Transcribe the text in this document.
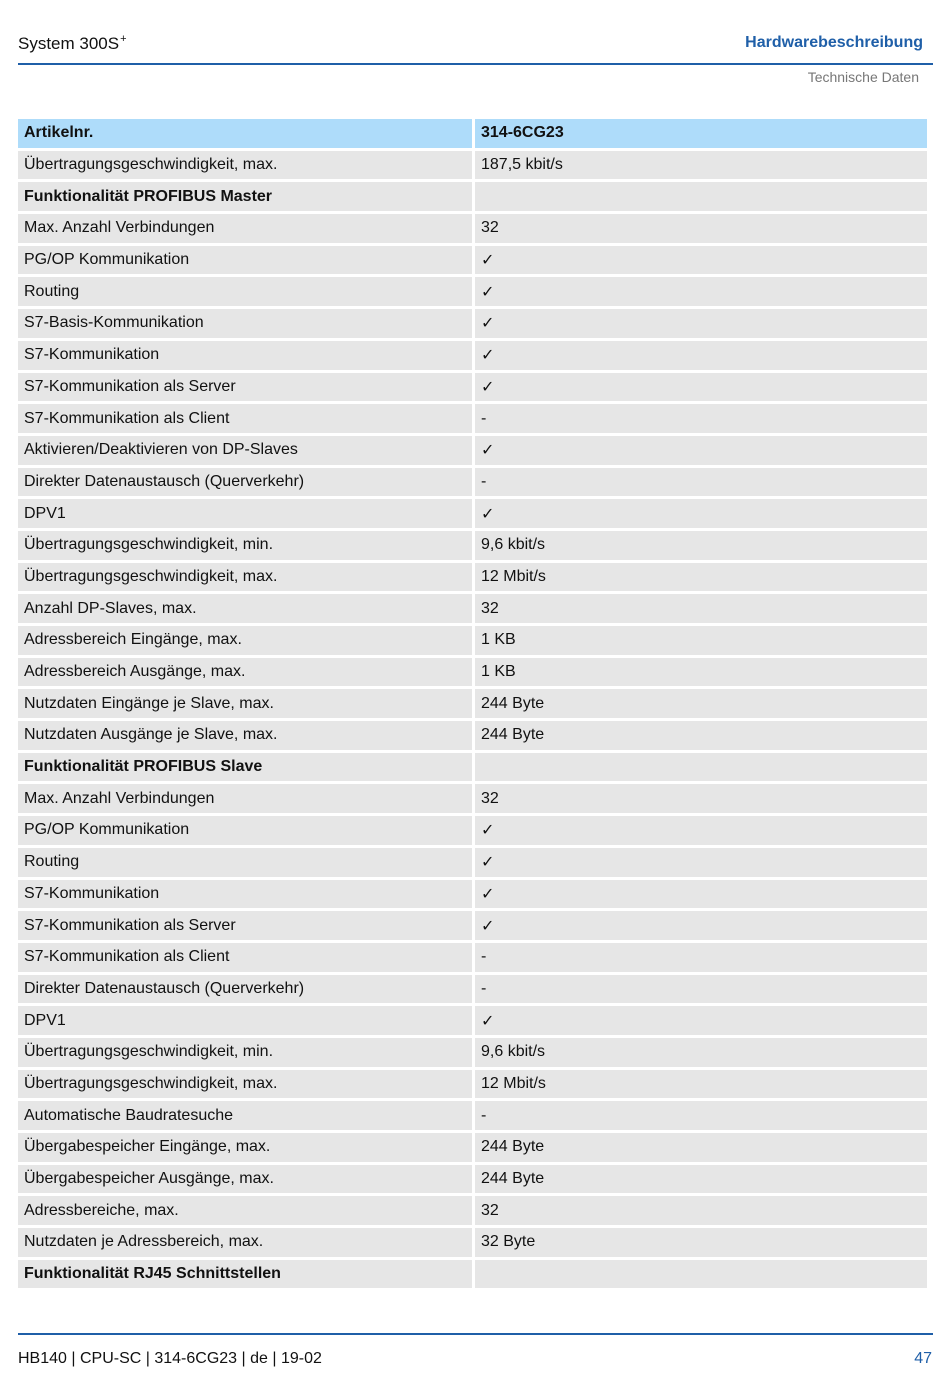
System 300S+	Hardwarebeschreibung
Technische Daten
Artikelnr.	314-6CG23
Übertragungsgeschwindigkeit, max.	187,5 kbit/s
Funktionalität PROFIBUS Master	
Max. Anzahl Verbindungen	32
PG/OP Kommunikation	✓
Routing	✓
S7-Basis-Kommunikation	✓
S7-Kommunikation	✓
S7-Kommunikation als Server	✓
S7-Kommunikation als Client	-
Aktivieren/Deaktivieren von DP-Slaves	✓
Direkter Datenaustausch (Querverkehr)	-
DPV1	✓
Übertragungsgeschwindigkeit, min.	9,6 kbit/s
Übertragungsgeschwindigkeit, max.	12 Mbit/s
Anzahl DP-Slaves, max.	32
Adressbereich Eingänge, max.	1 KB
Adressbereich Ausgänge, max.	1 KB
Nutzdaten Eingänge je Slave, max.	244 Byte
Nutzdaten Ausgänge je Slave, max.	244 Byte
Funktionalität PROFIBUS Slave	
Max. Anzahl Verbindungen	32
PG/OP Kommunikation	✓
Routing	✓
S7-Kommunikation	✓
S7-Kommunikation als Server	✓
S7-Kommunikation als Client	-
Direkter Datenaustausch (Querverkehr)	-
DPV1	✓
Übertragungsgeschwindigkeit, min.	9,6 kbit/s
Übertragungsgeschwindigkeit, max.	12 Mbit/s
Automatische Baudratesuche	-
Übergabespeicher Eingänge, max.	244 Byte
Übergabespeicher Ausgänge, max.	244 Byte
Adressbereiche, max.	32
Nutzdaten je Adressbereich, max.	32 Byte
Funktionalität RJ45 Schnittstellen	
HB140 | CPU-SC | 314-6CG23 | de | 19-02	47
